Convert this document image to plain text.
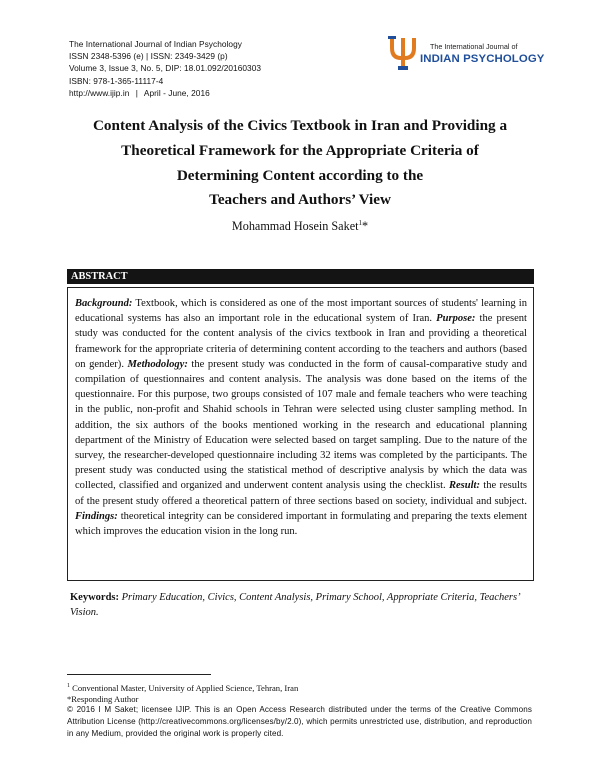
The International Journal of Indian Psychology
ISSN 2348-5396 (e) | ISSN: 2349-3429 (p)
Volume 3, Issue 3, No. 5, DIP: 18.01.092/20160303
ISBN: 978-1-365-11117-4
http://www.ijip.in | April - June, 2016
The International Journal of
INDIAN PSYCHOLOGY
Content Analysis of the Civics Textbook in Iran and Providing a
Theoretical Framework for the Appropriate Criteria of
Determining Content according to the
Teachers and Authors’ View
Mohammad Hosein Saket$^1$*
ABSTRACT
Background: Textbook, which is considered as one of the most important sources of students' learning in educational systems has also an important role in the educational system of Iran. Purpose: the present study was conducted for the content analysis of the civics textbook in Iran and providing a theoretical framework for the appropriate criteria of determining content according to the teachers and authors (based on gender). Methodology: the present study was conducted in the form of causal-comparative study and compilation of questionnaires and content analysis. The analysis was done based on the items of the questionnaire. For this purpose, two groups consisted of 107 male and female teachers who were teaching in the public, non-profit and Shahid schools in Tehran were selected using cluster sampling method. In addition, the six authors of the books mentioned working in the research and educational planning department of the Ministry of Education were selected based on target sampling. Due to the nature of the survey, the researcher-developed questionnaire including 32 items was completed by the participants. The present study was conducted using the statistical method of descriptive analysis by which the data was collected, classified and organized and underwent content analysis using the checklist. Result: the results of the present study offered a theoretical pattern of three sections based on society, individual and subject. Findings: theoretical integrity can be considered important in formulating and preparing the texts element which improves the education vision in the long run.
Keywords: Primary Education, Civics, Content Analysis, Primary School, Appropriate Criteria, Teachers’ Vision.
$^1$ Conventional Master, University of Applied Science, Tehran, Iran
*Responding Author
© 2016 I M Saket; licensee IJIP. This is an Open Access Research distributed under the terms of the Creative Commons Attribution License (http://creativecommons.org/licenses/by/2.0), which permits unrestricted use, distribution, and reproduction in any Medium, provided the original work is properly cited.
